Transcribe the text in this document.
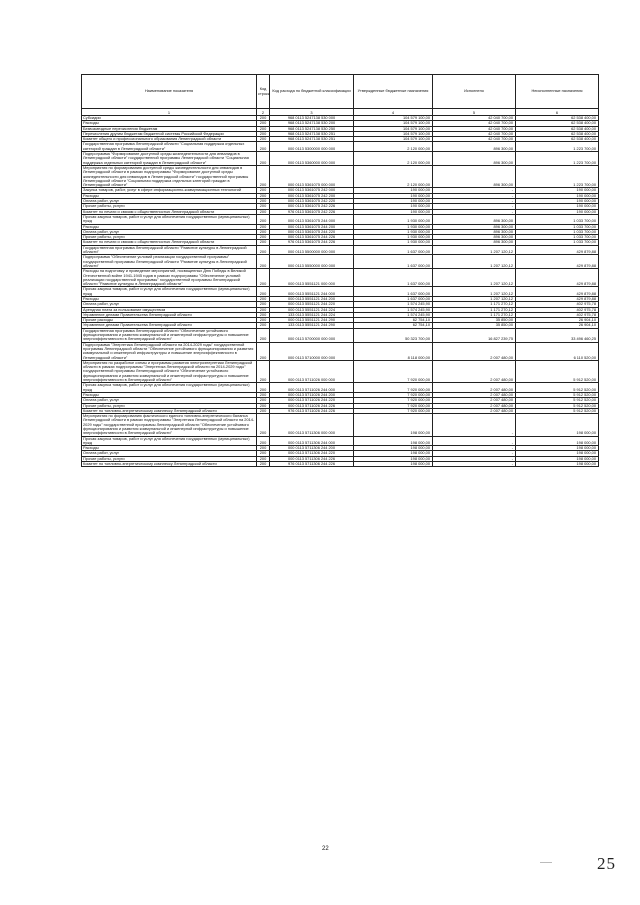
Наименование показателя	Код строки	Код расхода по бюджетной классификации	Утвержденные бюджетные назначения	Исполнено	Неисполненные назначения
1	2	3	4	5	6
Субсидии	200	968 0113 5247138 530 000	104 579 100,00	42 040 700,00	62 538 400,00
Расходы	200	968 0113 5247138 530 200	104 579 100,00	42 040 700,00	62 538 400,00
Безвозмездные перечисления бюджетам	200	968 0113 5247138 530 250	104 579 100,00	42 040 700,00	62 538 400,00
Перечисления другим бюджетам бюджетной системы Российской Федерации	200	968 0113 5247138 530 251	104 579 100,00	42 040 700,00	62 538 400,00
Комитет общего и профессионального образования Ленинградской области	200	968 0113 5247138 530 251	104 579 100,00	42 040 700,00	62 538 400,00
Государственная программа Ленинградской области "Социальная поддержка отдельных категорий граждан в Ленинградской области"	200	000 0113 5300000 000 000	2 120 000,00	896 300,00	1 223 700,00
Подпрограмма "Формирование доступной среды жизнедеятельности для инвалидов в Ленинградской области" государственной программы Ленинградской области "Социальная поддержка отдельных категорий граждан в Ленинградской области"	200	000 0113 5360000 000 000	2 120 000,00	896 300,00	1 223 700,00
Мероприятия по формированию доступной среды жизнедеятельности для инвалидов в Ленинградской области в рамках подпрограммы "Формирование доступной среды жизнедеятельности для инвалидов в Ленинградской области" государственной программы Ленинградской области "Социальная поддержка отдельных категорий граждан в Ленинградской области"	200	000 0113 5361075 000 000	2 120 000,00	896 300,00	1 223 700,00
Закупка товаров, работ, услуг в сфере информационно-коммуникационных технологий	200	000 0113 5361075 242 000	190 000,00	-	190 000,00
Расходы	200	000 0113 5361075 242 200	190 000,00	-	190 000,00
Оплата работ, услуг	200	000 0113 5361075 242 220	190 000,00	-	190 000,00
Прочие работы, услуги	200	000 0113 5361075 242 226	190 000,00	-	190 000,00
Комитет по печати и связям с общественностью Ленинградской области	200	976 0113 5361075 242 226	190 000,00	-	190 000,00
Прочая закупка товаров, работ и услуг для обеспечения государственных (муниципальных) нужд	200	000 0113 5361075 244 000	1 930 000,00	896 300,00	1 033 700,00
Расходы	200	000 0113 5361075 244 200	1 930 000,00	896 300,00	1 033 700,00
Оплата работ, услуг	200	000 0113 5361075 244 220	1 930 000,00	896 300,00	1 033 700,00
Прочие работы, услуги	200	000 0113 5361075 244 226	1 930 000,00	896 300,00	1 033 700,00
Комитет по печати и связям с общественностью Ленинградской области	200	976 0113 5361075 244 226	1 930 000,00	896 300,00	1 033 700,00
Государственная программа Ленинградской области "Развитие культуры в Ленинградской области"	200	000 0113 5500000 000 000	1 637 000,00	1 207 120,12	429 879,88
Подпрограмма "Обеспечение условий реализации государственной программы" государственной программы Ленинградской области "Развитие культуры в Ленинградской области"	200	000 0113 5550000 000 000	1 637 000,00	1 207 120,12	429 879,88
Расходы на подготовку и проведение мероприятий, посвященных Дню Победы в Великой Отечественной войне 1941-1945 годов в рамках подпрограммы "Обеспечение условий реализации государственной программы" государственной программы Ленинградской области "Развитие культуры в Ленинградской области"	200	000 0113 5551121 000 000	1 637 000,00	1 207 120,12	429 879,88
Прочая закупка товаров, работ и услуг для обеспечения государственных (муниципальных) нужд	200	000 0113 5551121 244 000	1 637 000,00	1 207 120,12	429 879,88
Расходы	200	000 0113 5551121 244 200	1 637 000,00	1 207 120,12	429 879,88
Оплата работ, услуг	200	000 0113 5551121 244 220	1 574 245,90	1 171 270,12	402 975,78
Арендная плата за пользование имуществом	200	000 0113 5551121 244 224	1 574 245,90	1 171 270,12	402 975,78
Управление делами Правительства Ленинградской области	200	133 0113 5551121 244 224	1 574 245,90	1 171 270,12	402 975,78
Прочие расходы	200	000 0113 5551121 244 290	62 754,10	35 850,00	26 904,10
Управление делами Правительства Ленинградской области	200	133 0113 5551121 244 290	62 754,10	35 850,00	26 904,10
Государственная программа Ленинградской области "Обеспечение устойчивого функционирования и развития коммунальной и инженерной инфраструктуры и повышение энергоэффективности в Ленинградской области"	200	000 0113 5700000 000 000	50 323 700,00	16 827 239,75	33 496 460,25
Подпрограмма "Энергетика Ленинградской области на 2014-2029 годы" государственной программы Ленинградской области "Обеспечение устойчивого функционирования и развития коммунальной и инженерной инфраструктуры и повышение энергоэффективности в Ленинградской области"	200	000 0113 5710000 000 000	8 118 000,00	2 007 480,00	6 110 520,00
Мероприятия по разработке схемы и программы развития электроэнергетики Ленинградской области в рамках подпрограммы "Энергетика Ленинградской области на 2014-2029 годы" государственной программы Ленинградской области "Обеспечение устойчивого функционирования и развития коммунальной и инженерной инфраструктуры и повышение энергоэффективности в Ленинградской области"	200	000 0113 5711026 000 000	7 920 000,00	2 007 480,00	5 912 520,00
Прочая закупка товаров, работ и услуг для обеспечения государственных (муниципальных) нужд	200	000 0113 5711026 244 000	7 920 000,00	2 007 480,00	5 912 520,00
Расходы	200	000 0113 5711026 244 200	7 920 000,00	2 007 480,00	5 912 520,00
Оплата работ, услуг	200	000 0113 5711026 244 220	7 920 000,00	2 007 480,00	5 912 520,00
Прочие работы, услуги	200	000 0113 5711026 244 226	7 920 000,00	2 007 480,00	5 912 520,00
Комитет по топливно-энергетическому комплексу Ленинградской области	200	976 0113 5711026 244 226	7 920 000,00	2 007 480,00	5 912 520,00
Мероприятия по формированию фактического единого топливно-энергетического баланса Ленинградской области в рамках подпрограммы "Энергетика Ленинградской области на 2014-2029 годы" государственной программы Ленинградской области "Обеспечение устойчивого функционирования и развития коммунальной и инженерной инфраструктуры и повышение энергоэффективности в Ленинградской области"	200	000 0113 5711306 000 000	198 000,00	-	198 000,00
Прочая закупка товаров, работ и услуг для обеспечения государственных (муниципальных) нужд	200	000 0113 5711306 244 000	198 000,00	-	198 000,00
Расходы	200	000 0113 5711306 244 200	198 000,00	-	198 000,00
Оплата работ, услуг	200	000 0113 5711306 244 220	198 000,00	-	198 000,00
Прочие работы, услуги	200	000 0113 5711306 244 226	198 000,00	-	198 000,00
Комитет по топливно-энергетическому комплексу Ленинградской области	200	976 0113 5711306 244 226	198 000,00	-	198 000,00
22
25
